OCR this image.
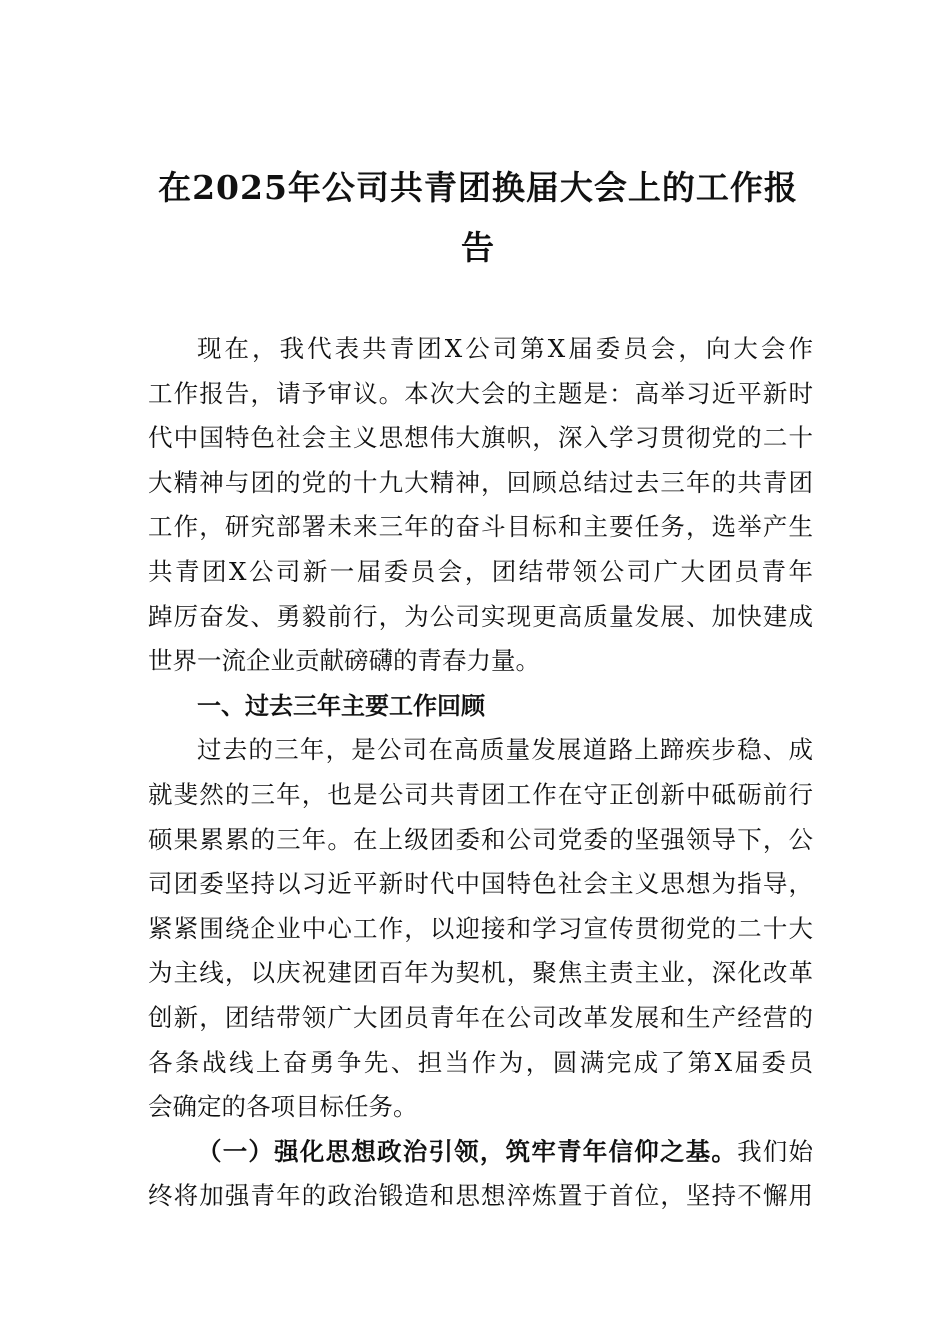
在2025年公司共青团换届大会上的工作报
告
现在，我代表共青团X公司第X届委员会，向大会作
工作报告，请予审议。本次大会的主题是：高举习近平新时
代中国特色社会主义思想伟大旗帜，深入学习贯彻党的二十
大精神与团的党的十九大精神，回顾总结过去三年的共青团
工作，研究部署未来三年的奋斗目标和主要任务，选举产生
共青团X公司新一届委员会，团结带领公司广大团员青年
踔厉奋发、勇毅前行，为公司实现更高质量发展、加快建成
世界一流企业贡献磅礴的青春力量。
一、过去三年主要工作回顾
过去的三年，是公司在高质量发展道路上蹄疾步稳、成
就斐然的三年，也是公司共青团工作在守正创新中砥砺前行
硕果累累的三年。在上级团委和公司党委的坚强领导下，公
司团委坚持以习近平新时代中国特色社会主义思想为指导，
紧紧围绕企业中心工作，以迎接和学习宣传贯彻党的二十大
为主线，以庆祝建团百年为契机，聚焦主责主业，深化改革
创新，团结带领广大团员青年在公司改革发展和生产经营的
各条战线上奋勇争先、担当作为，圆满完成了第X届委员
会确定的各项目标任务。
（一）强化思想政治引领，筑牢青年信仰之基。我们始
终将加强青年的政治锻造和思想淬炼置于首位，坚持不懈用
